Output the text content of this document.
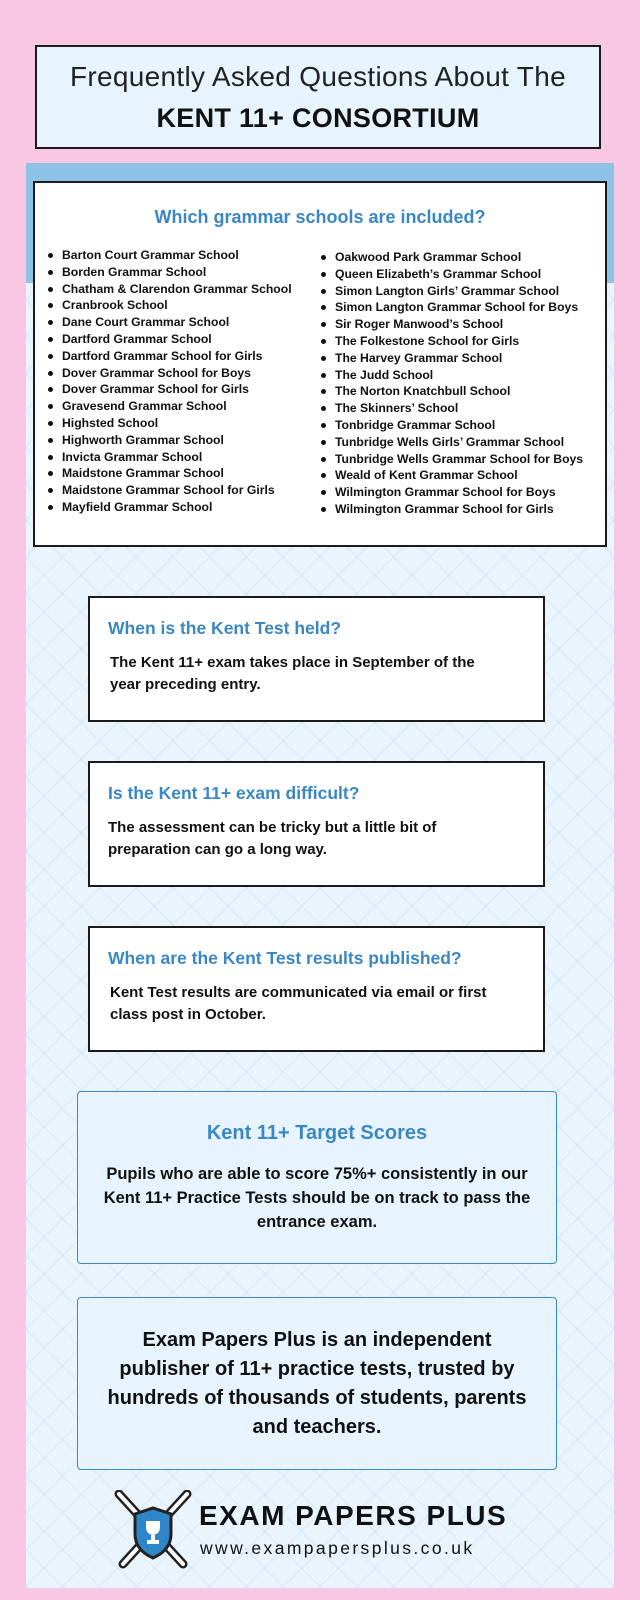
Frequently Asked Questions About The
KENT 11+ CONSORTIUM
Which grammar schools are included?
Barton Court Grammar School
Borden Grammar School
Chatham & Clarendon Grammar School
Cranbrook School
Dane Court Grammar School
Dartford Grammar School
Dartford Grammar School for Girls
Dover Grammar School for Boys
Dover Grammar School for Girls
Gravesend Grammar School
Highsted School
Highworth Grammar School
Invicta Grammar School
Maidstone Grammar School
Maidstone Grammar School for Girls
Mayfield Grammar School
Oakwood Park Grammar School
Queen Elizabeth’s Grammar School
Simon Langton Girls’ Grammar School
Simon Langton Grammar School for Boys
Sir Roger Manwood’s School
The Folkestone School for Girls
The Harvey Grammar School
The Judd School
The Norton Knatchbull School
The Skinners’ School
Tonbridge Grammar School
Tunbridge Wells Girls’ Grammar School
Tunbridge Wells Grammar School for Boys
Weald of Kent Grammar School
Wilmington Grammar School for Boys
Wilmington Grammar School for Girls
When is the Kent Test held?
The Kent 11+ exam takes place in September of the year preceding entry.
Is the Kent 11+ exam difficult?
The assessment can be tricky but a little bit of preparation can go a long way.
When are the Kent Test results published?
Kent Test results are communicated via email or first class post in October.
Kent 11+ Target Scores
Pupils who are able to score 75%+ consistently in our Kent 11+ Practice Tests should be on track to pass the entrance exam.
Exam Papers Plus is an independent publisher of 11+ practice tests, trusted by hundreds of thousands of students, parents and teachers.
EXAM PAPERS PLUS
www.exampapersplus.co.uk
